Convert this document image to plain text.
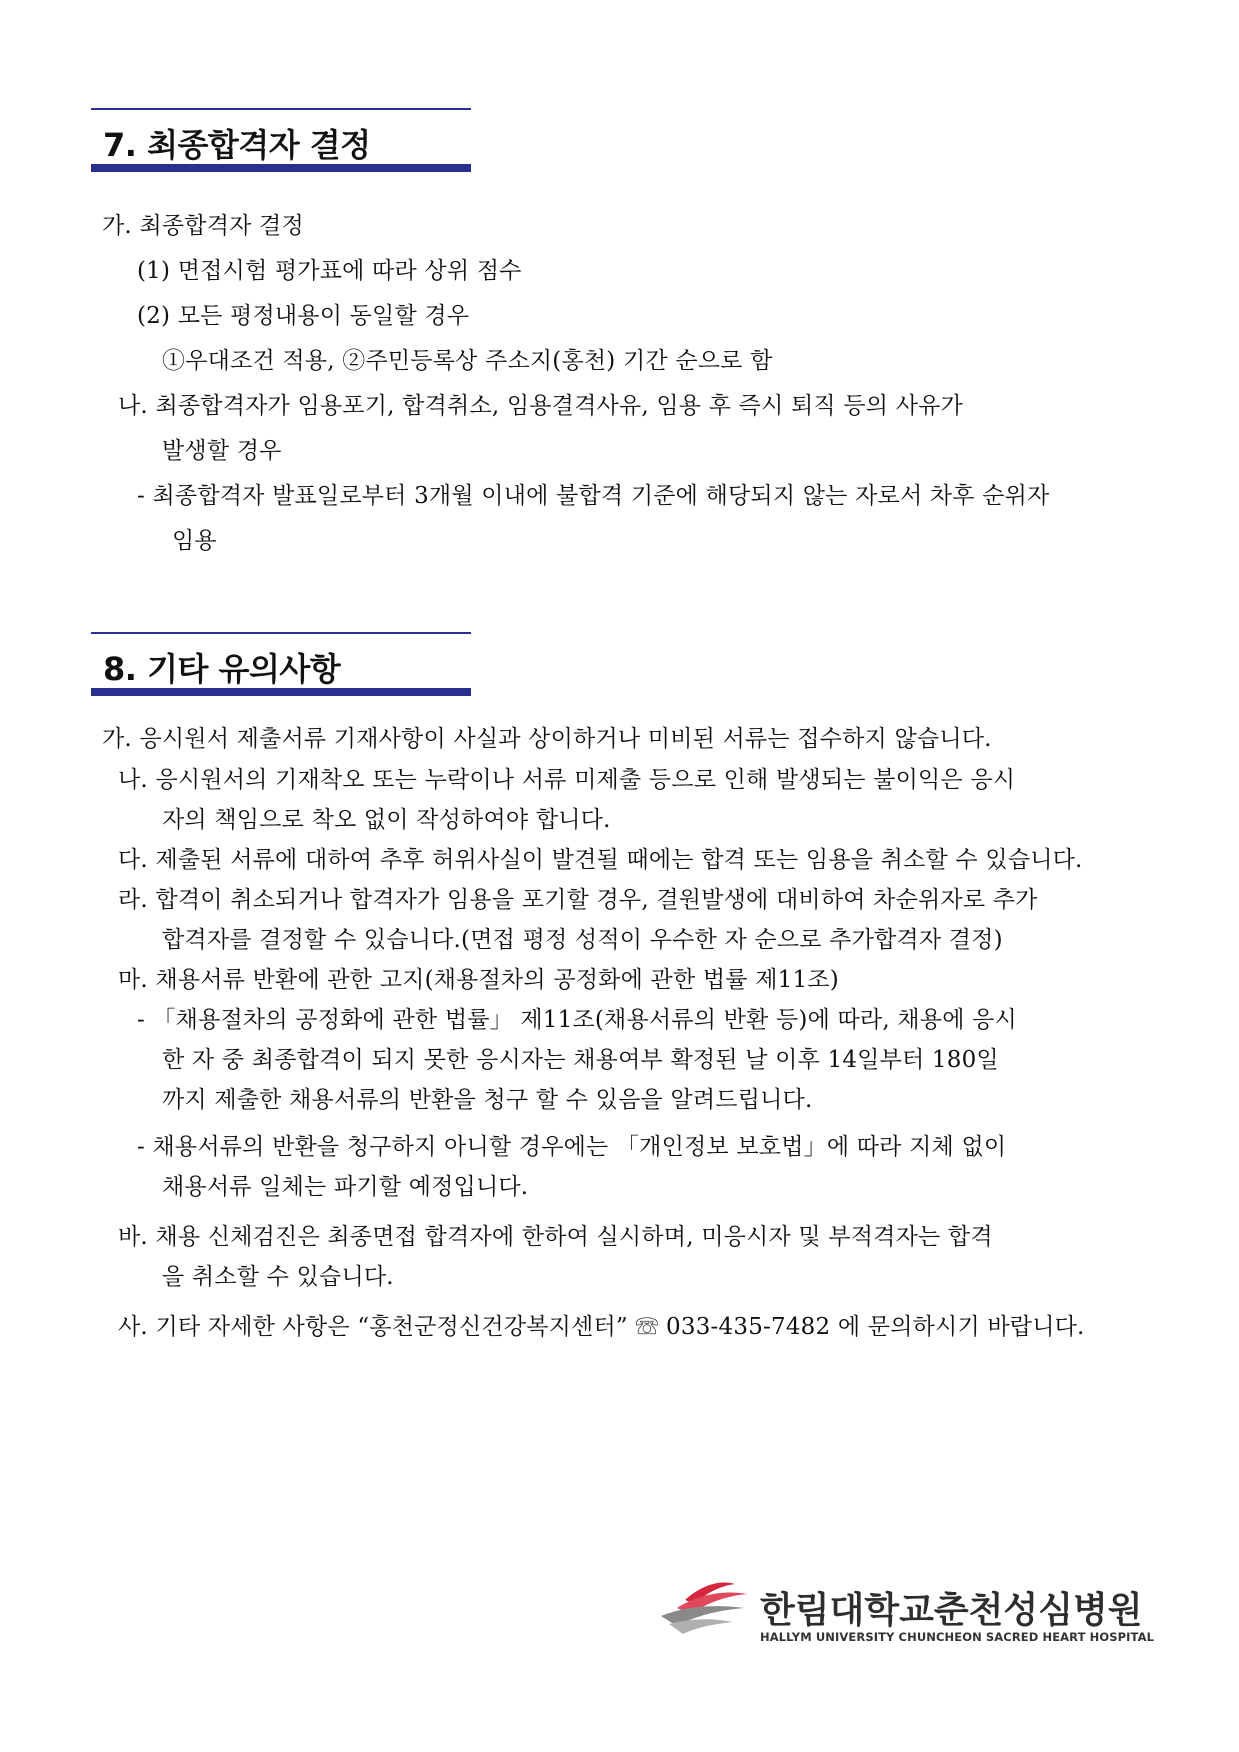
7. 최종합격자 결정
가. 최종합격자 결정
(1) 면접시험 평가표에 따라 상위 점수
(2) 모든 평정내용이 동일할 경우
①우대조건 적용, ②주민등록상 주소지(홍천) 기간 순으로 함
나. 최종합격자가 임용포기, 합격취소, 임용결격사유, 임용 후 즉시 퇴직 등의 사유가
발생할 경우
- 최종합격자 발표일로부터 3개월 이내에 불합격 기준에 해당되지 않는 자로서 차후 순위자
임용
8. 기타 유의사항
가. 응시원서 제출서류 기재사항이 사실과 상이하거나 미비된 서류는 접수하지 않습니다.
나. 응시원서의 기재착오 또는 누락이나 서류 미제출 등으로 인해 발생되는 불이익은 응시
자의 책임으로 착오 없이 작성하여야 합니다.
다. 제출된 서류에 대하여 추후 허위사실이 발견될 때에는 합격 또는 임용을 취소할 수 있습니다.
라. 합격이 취소되거나 합격자가 임용을 포기할 경우, 결원발생에 대비하여 차순위자로 추가
합격자를 결정할 수 있습니다.(면접 평정 성적이 우수한 자 순으로 추가합격자 결정)
마. 채용서류 반환에 관한 고지(채용절차의 공정화에 관한 법률 제11조)
- 「채용절차의 공정화에 관한 법률」 제11조(채용서류의 반환 등)에 따라, 채용에 응시
한 자 중 최종합격이 되지 못한 응시자는 채용여부 확정된 날 이후 14일부터 180일
까지 제출한 채용서류의 반환을 청구 할 수 있음을 알려드립니다.
- 채용서류의 반환을 청구하지 아니할 경우에는 「개인정보 보호법」에 따라 지체 없이
채용서류 일체는 파기할 예정입니다.
바. 채용 신체검진은 최종면접 합격자에 한하여 실시하며, 미응시자 및 부적격자는 합격
을 취소할 수 있습니다.
사. 기타 자세한 사항은 “홍천군정신건강복지센터” ☏ 033-435-7482 에 문의하시기 바랍니다.
한림대학교춘천성심병원
HALLYM UNIVERSITY CHUNCHEON SACRED HEART HOSPITAL
